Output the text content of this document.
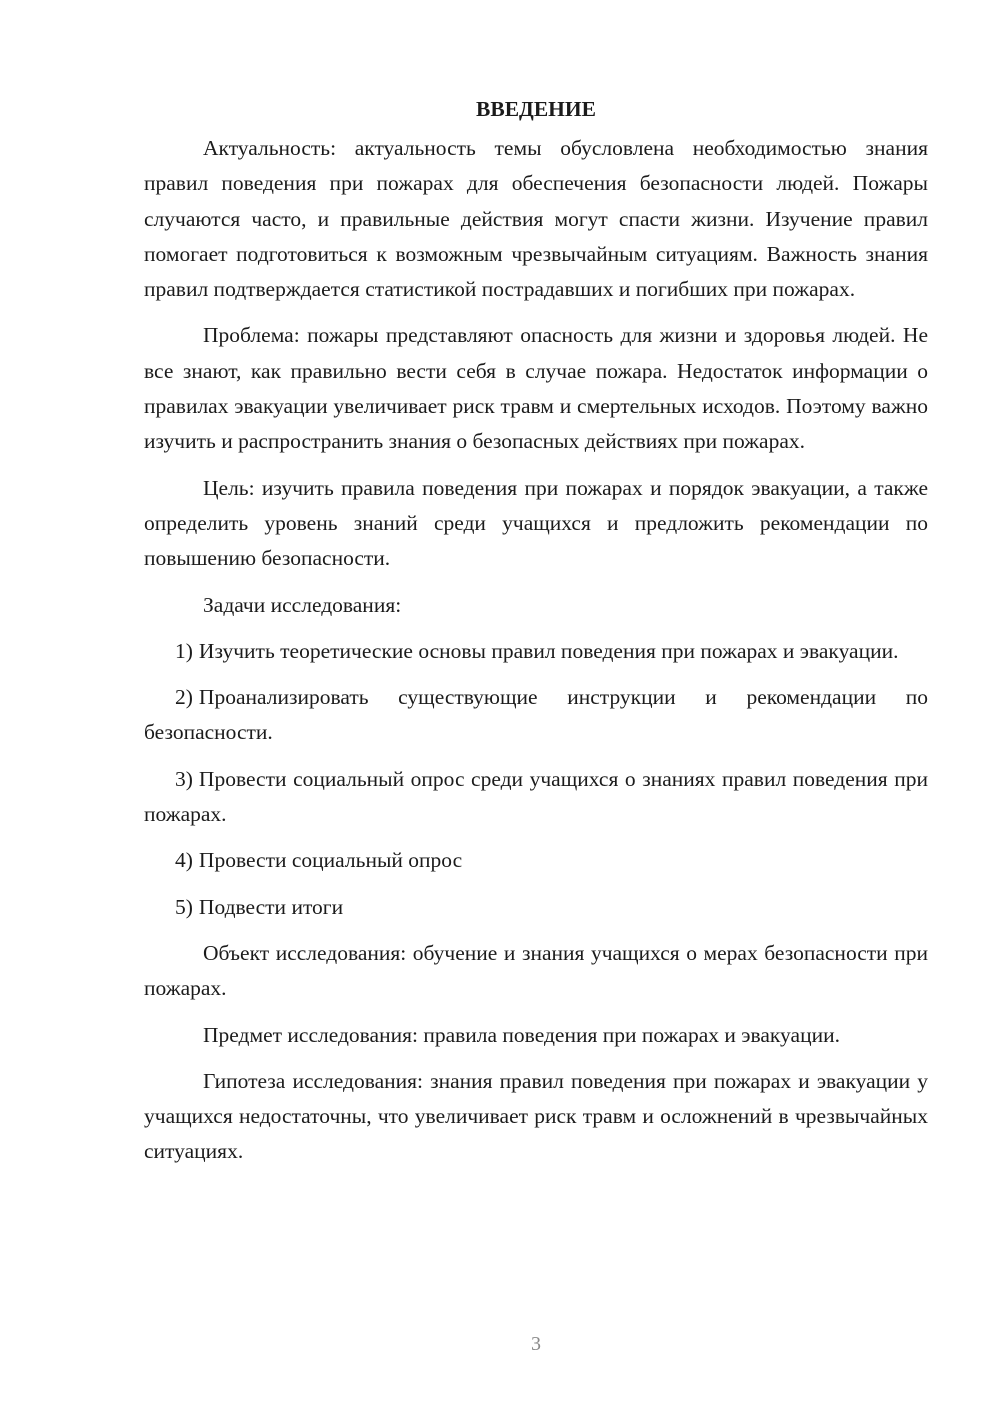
ВВЕДЕНИЕ

Актуальность: актуальность темы обусловлена необходимостью знания правил поведения при пожарах для обеспечения безопасности людей. Пожары случаются часто, и правильные действия могут спасти жизни. Изучение правил помогает подготовиться к возможным чрезвычайным ситуациям. Важность знания правил подтверждается статистикой пострадавших и погибших при пожарах.

Проблема: пожары представляют опасность для жизни и здоровья людей. Не все знают, как правильно вести себя в случае пожара. Недостаток информации о правилах эвакуации увеличивает риск травм и смертельных исходов. Поэтому важно изучить и распространить знания о безопасных действиях при пожарах.

Цель: изучить правила поведения при пожарах и порядок эвакуации, а также определить уровень знаний среди учащихся и предложить рекомендации по повышению безопасности.

Задачи исследования:

1) Изучить теоретические основы правил поведения при пожарах и эвакуации.

2) Проанализировать существующие инструкции и рекомендации по безопасности.

3) Провести социальный опрос среди учащихся о знаниях правил поведения при пожарах.

4) Провести социальный опрос

5) Подвести итоги

Объект исследования: обучение и знания учащихся о мерах безопасности при пожарах.

Предмет исследования: правила поведения при пожарах и эвакуации.

Гипотеза исследования: знания правил поведения при пожарах и эвакуации у учащихся недостаточны, что увеличивает риск травм и осложнений в чрезвычайных ситуациях.

3
